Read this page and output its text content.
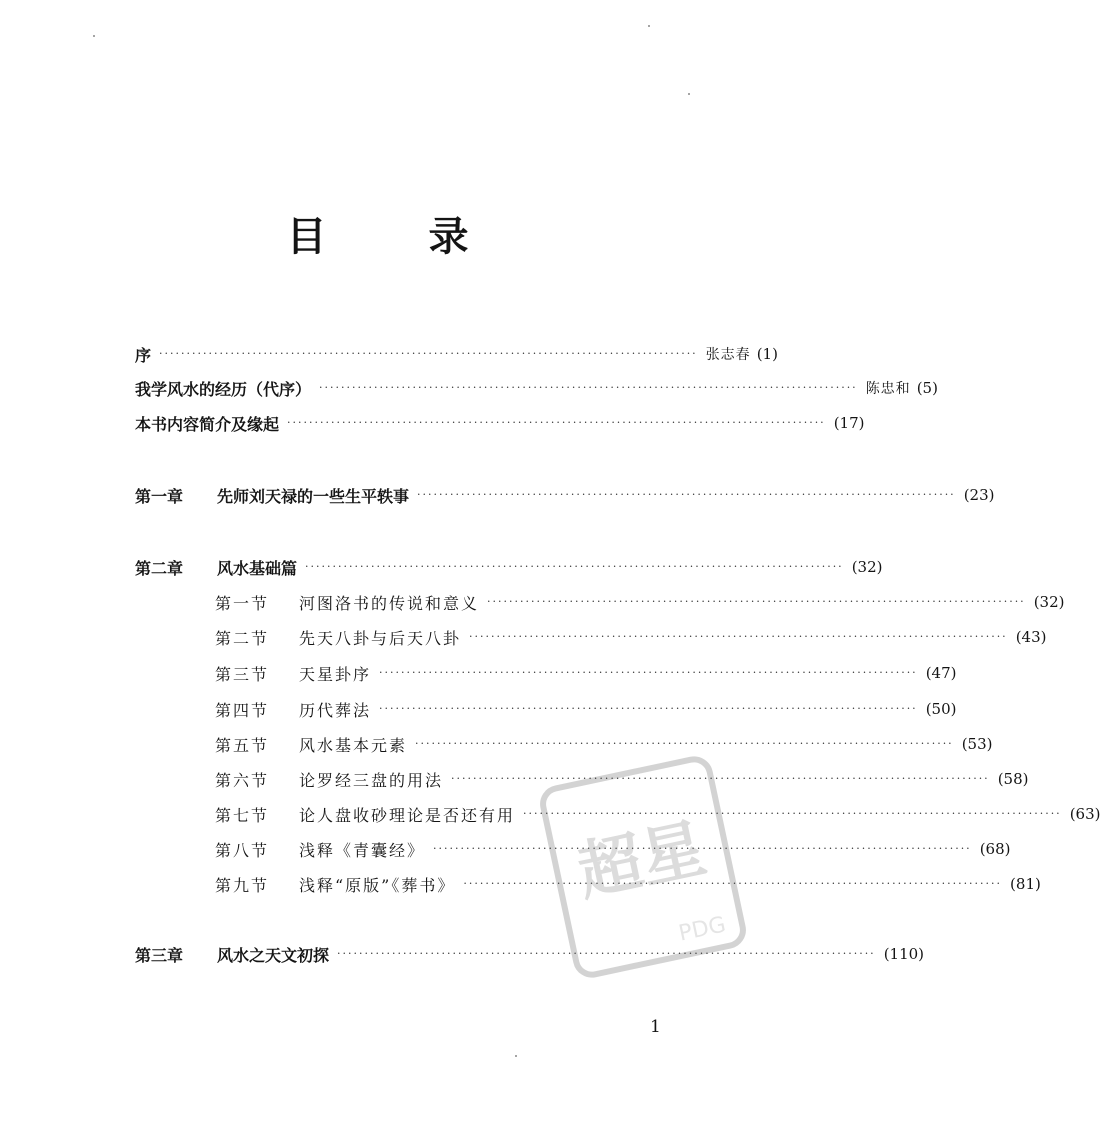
目 录
序 ·································································································· 张志春 (1)
我学风水的经历（代序） ·································································································· 陈忠和 (5)
本书内容简介及缘起 ·································································································· (17)
第一章	先师刘天禄的一些生平轶事 ·································································································· (23)
第二章	风水基础篇 ·································································································· (32)
第一节	河图洛书的传说和意义 ·································································································· (32)
第二节	先天八卦与后天八卦 ·································································································· (43)
第三节	天星卦序 ·································································································· (47)
第四节	历代葬法 ·································································································· (50)
第五节	风水基本元素 ·································································································· (53)
第六节	论罗经三盘的用法 ·································································································· (58)
第七节	论人盘收砂理论是否还有用 ·································································································· (63)
第八节	浅释《青囊经》 ·································································································· (68)
第九节	浅释“原版”《葬书》 ·································································································· (81)
第三章	风水之天文初探 ·································································································· (110)
超星
PDG
1
